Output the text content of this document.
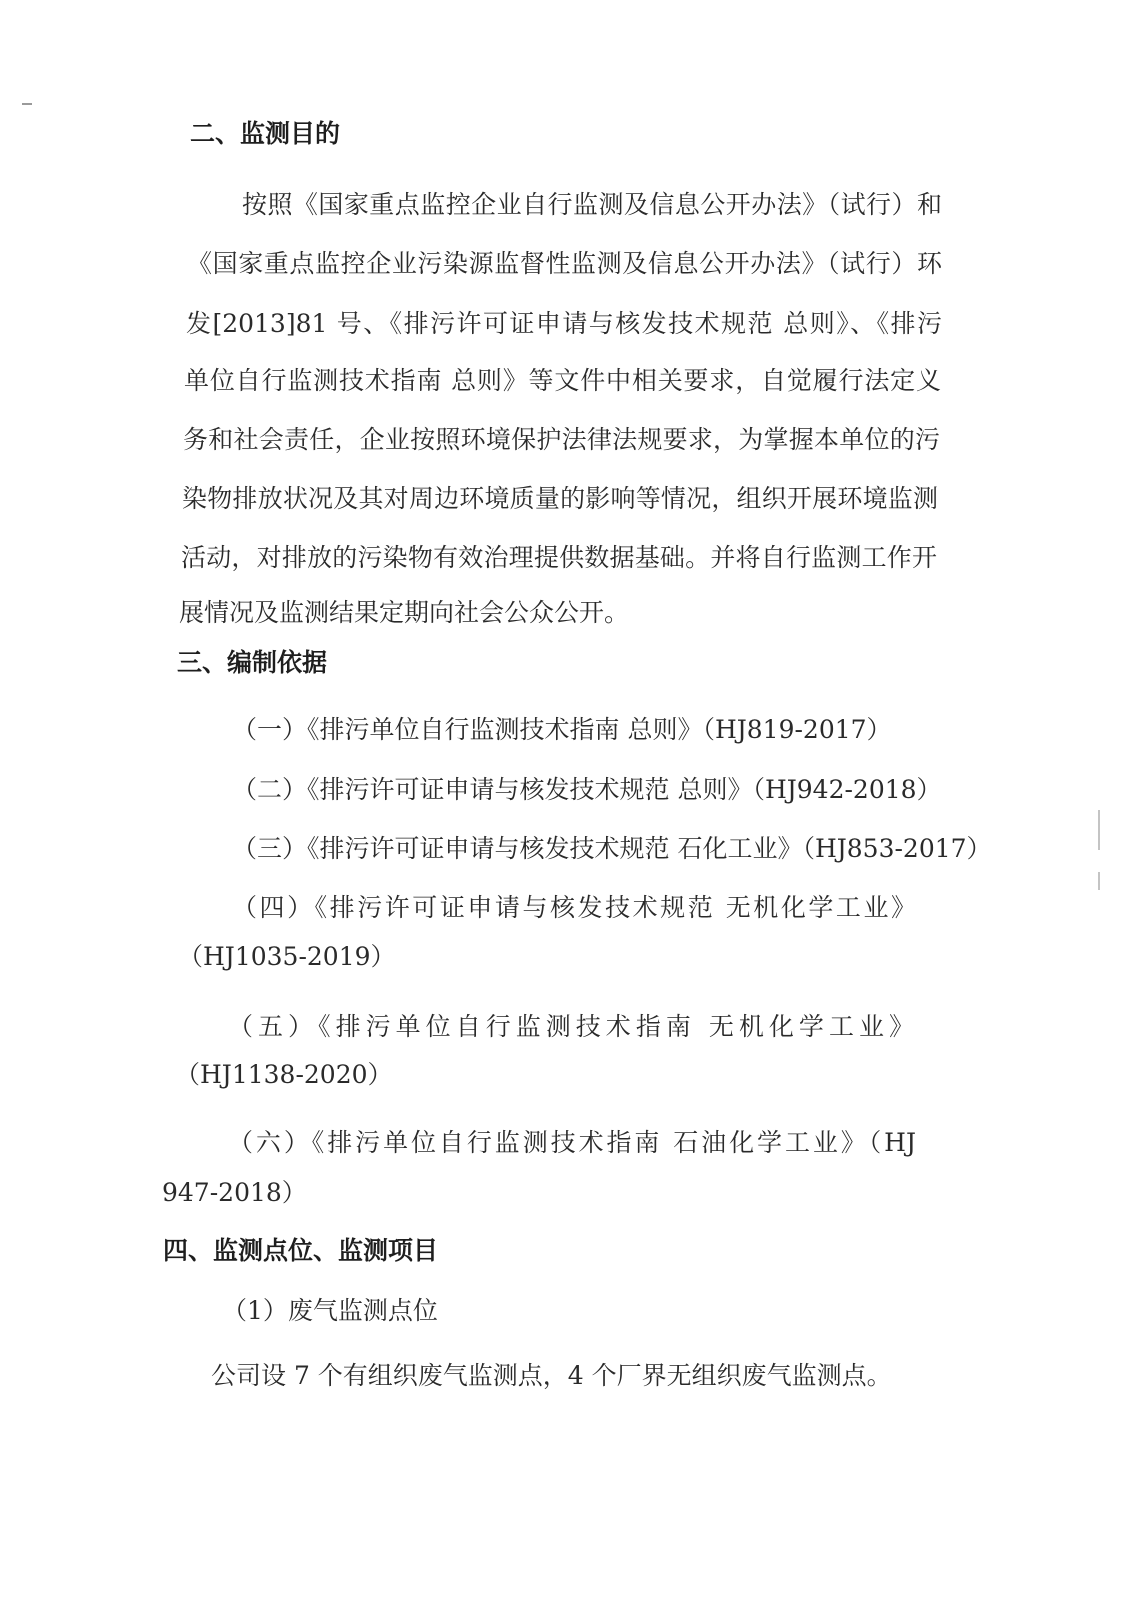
二、监测目的
按照《国家重点监控企业自行监测及信息公开办法》（试行）和
《国家重点监控企业污染源监督性监测及信息公开办法》（试行）环
发[2013]81 号、《排污许可证申请与核发技术规范 总则》、《排污
单位自行监测技术指南 总则》等文件中相关要求，自觉履行法定义
务和社会责任，企业按照环境保护法律法规要求，为掌握本单位的污
染物排放状况及其对周边环境质量的影响等情况，组织开展环境监测
活动，对排放的污染物有效治理提供数据基础。并将自行监测工作开
展情况及监测结果定期向社会公众公开。
三、编制依据
（一）《排污单位自行监测技术指南 总则》（HJ819-2017）
（二）《排污许可证申请与核发技术规范 总则》（HJ942-2018）
（三）《排污许可证申请与核发技术规范 石化工业》（HJ853-2017）
（四）《排污许可证申请与核发技术规范 无机化学工业》
（HJ1035-2019）
（五）《排污单位自行监测技术指南 无机化学工业》
（HJ1138-2020）
（六）《排污单位自行监测技术指南 石油化学工业》（HJ
947-2018）
四、监测点位、监测项目
（1）废气监测点位
公司设 7 个有组织废气监测点，4 个厂界无组织废气监测点。
